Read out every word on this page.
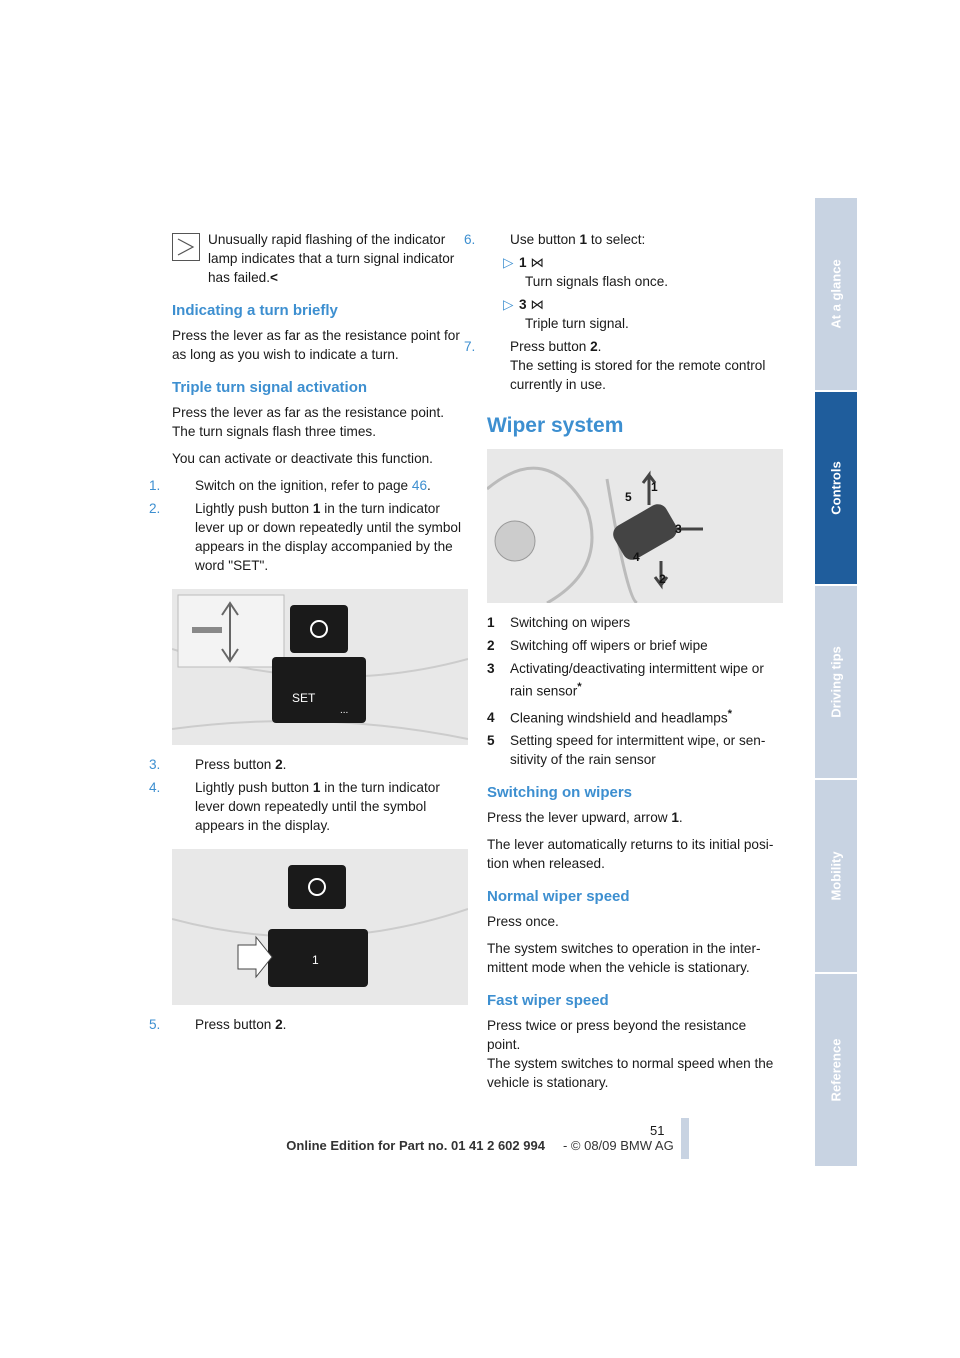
Unusually rapid flashing of the indicator
lamp indicates that a turn signal indicator has failed.<
Indicating a turn briefly

Press the lever as far as the resistance point for as long as you wish to indicate a turn.

Triple turn signal activation

Press the lever as far as the resistance point. The turn signals flash three times.

You can activate or deactivate this function.

1.	Switch on the ignition, refer to page 46.
2.	Lightly push button 1 in the turn indicator lever up or down repeatedly until the symbol appears in the display accompanied by the word "SET".
SET
...
3.	Press button 2.
4.	Lightly push button 1 in the turn indicator lever down repeatedly until the symbol appears in the display.
1
5.	Press button 2.
6.	Use button 1 to select:
▷ 1 ⋈
Turn signals flash once.
▷ 3 ⋈
Triple turn signal.
7.	Press button 2.
The setting is stored for the remote control currently in use.
Wiper system
1
2
3
4
5
1 Switching on wipers
2 Switching off wipers or brief wipe
3 Activating/deactivating intermittent wipe or rain sensor*
4 Cleaning windshield and headlamps*
5 Setting speed for intermittent wipe, or sensitivity of the rain sensor
Switching on wipers

Press the lever upward, arrow 1.

The lever automatically returns to its initial position when released.

Normal wiper speed

Press once.

The system switches to operation in the intermittent mode when the vehicle is stationary.

Fast wiper speed

Press twice or press beyond the resistance point.

The system switches to normal speed when the vehicle is stationary.

At a glance
Controls
Driving tips
Mobility
Reference
51
Online Edition for Part no. 01 41 2 602 994 - © 08/09 BMW AG
